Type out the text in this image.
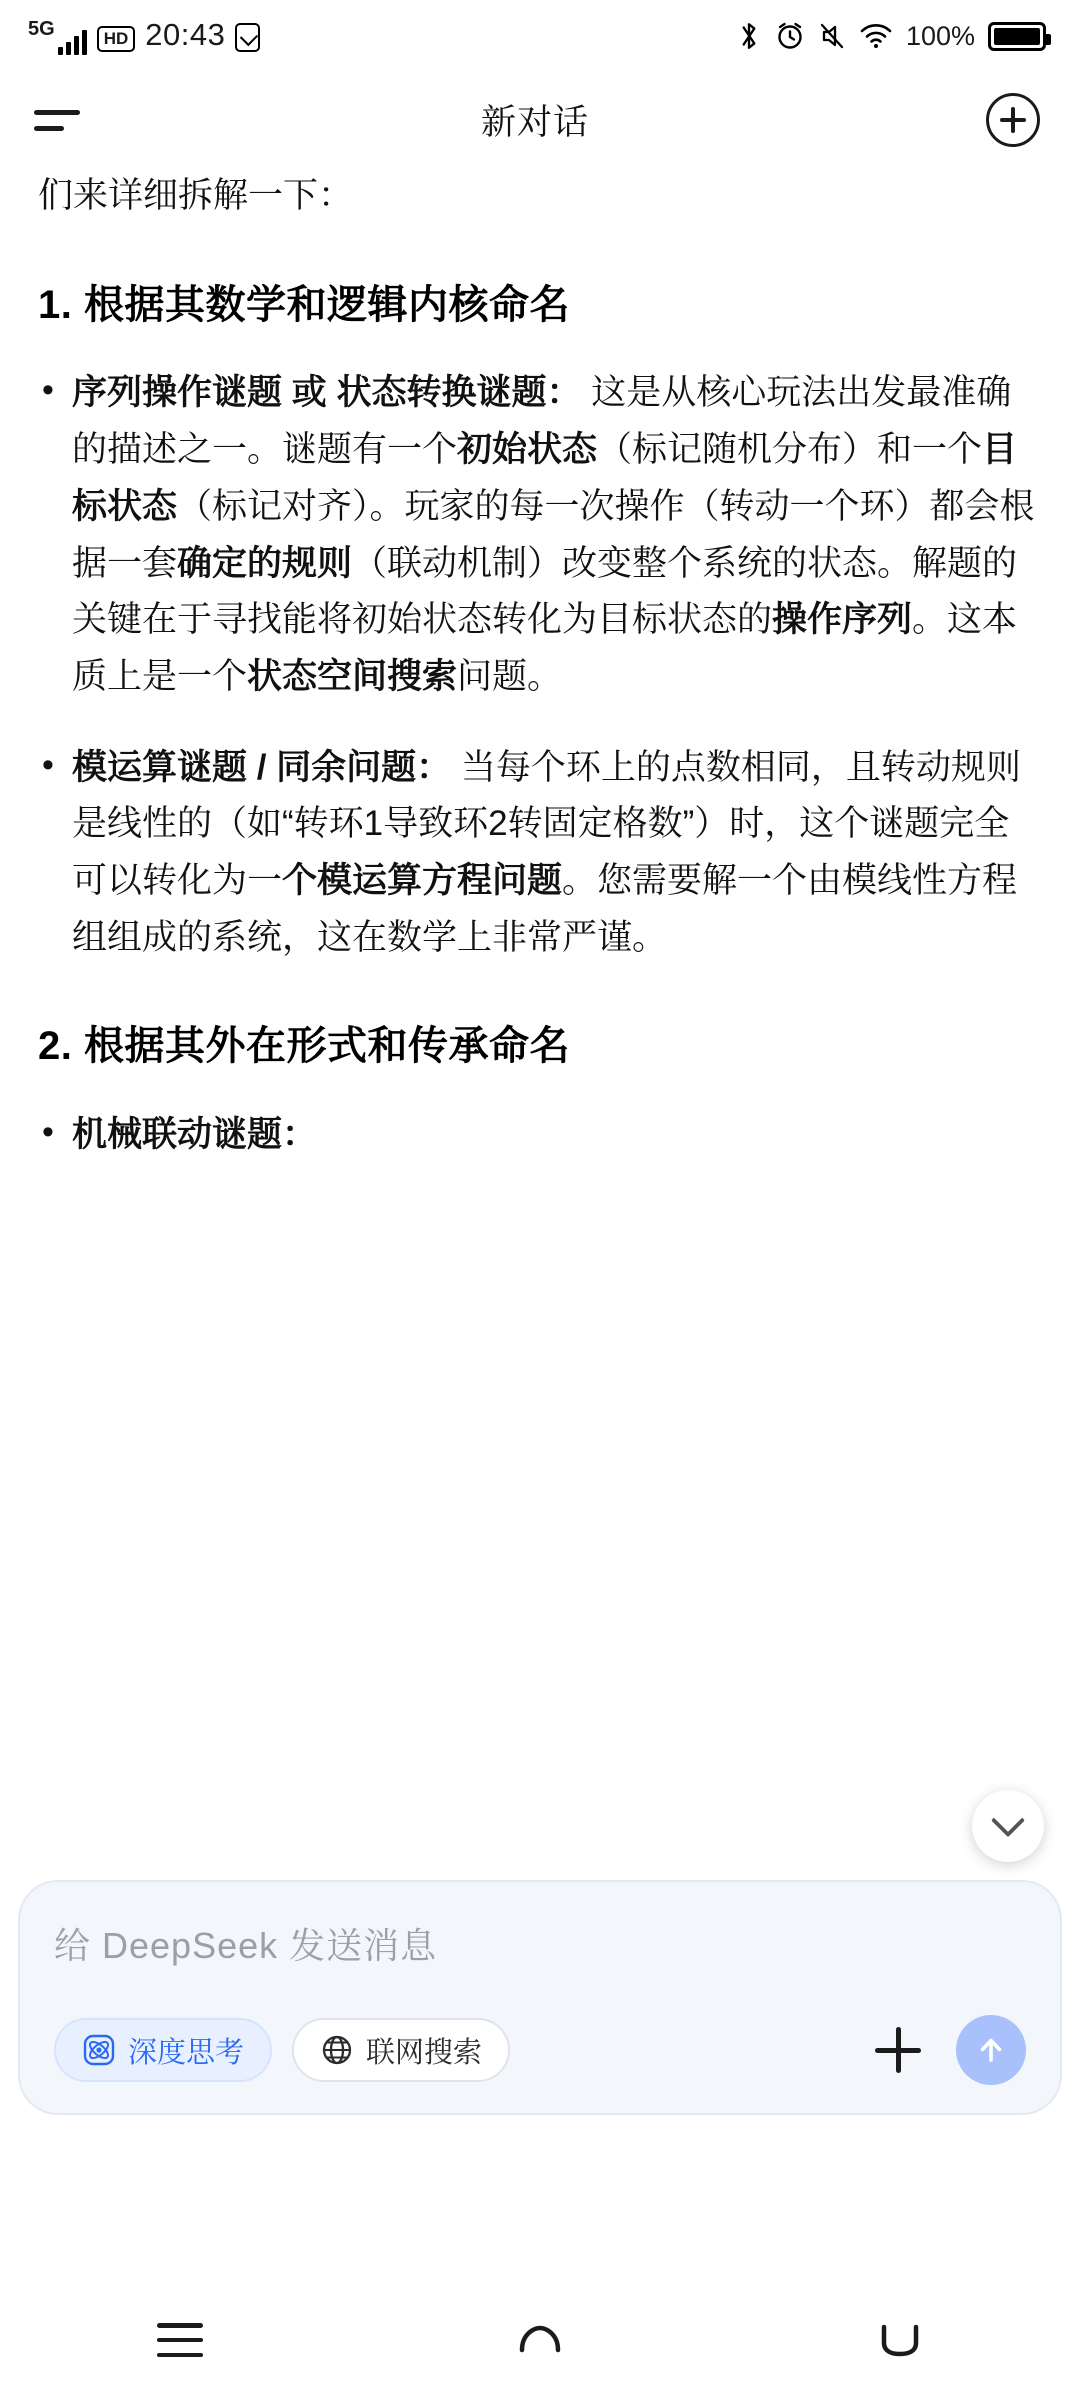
5G	HD 20:43	100%
新对话

们来详细拆解一下：

1. 根据其数学和逻辑内核命名
• 序列操作谜题 或 状态转换谜题： 这是从核心玩法出发最准确的描述之一。谜题有一个初始状态（标记随机分布）和一个目标状态（标记对齐）。玩家的每一次操作（转动一个环）都会根据一套确定的规则（联动机制）改变整个系统的状态。解题的关键在于寻找能将初始状态转化为目标状态的操作序列。这本质上是一个状态空间搜索问题。
• 模运算谜题 / 同余问题： 当每个环上的点数相同，且转动规则是线性的（如“转环1导致环2转固定格数”）时，这个谜题完全可以转化为一个模运算方程问题。您需要解一个由模线性方程组组成的系统，这在数学上非常严谨。
2. 根据其外在形式和传承命名
• 机械联动谜题：
给 DeepSeek 发送消息
深度思考	联网搜索
